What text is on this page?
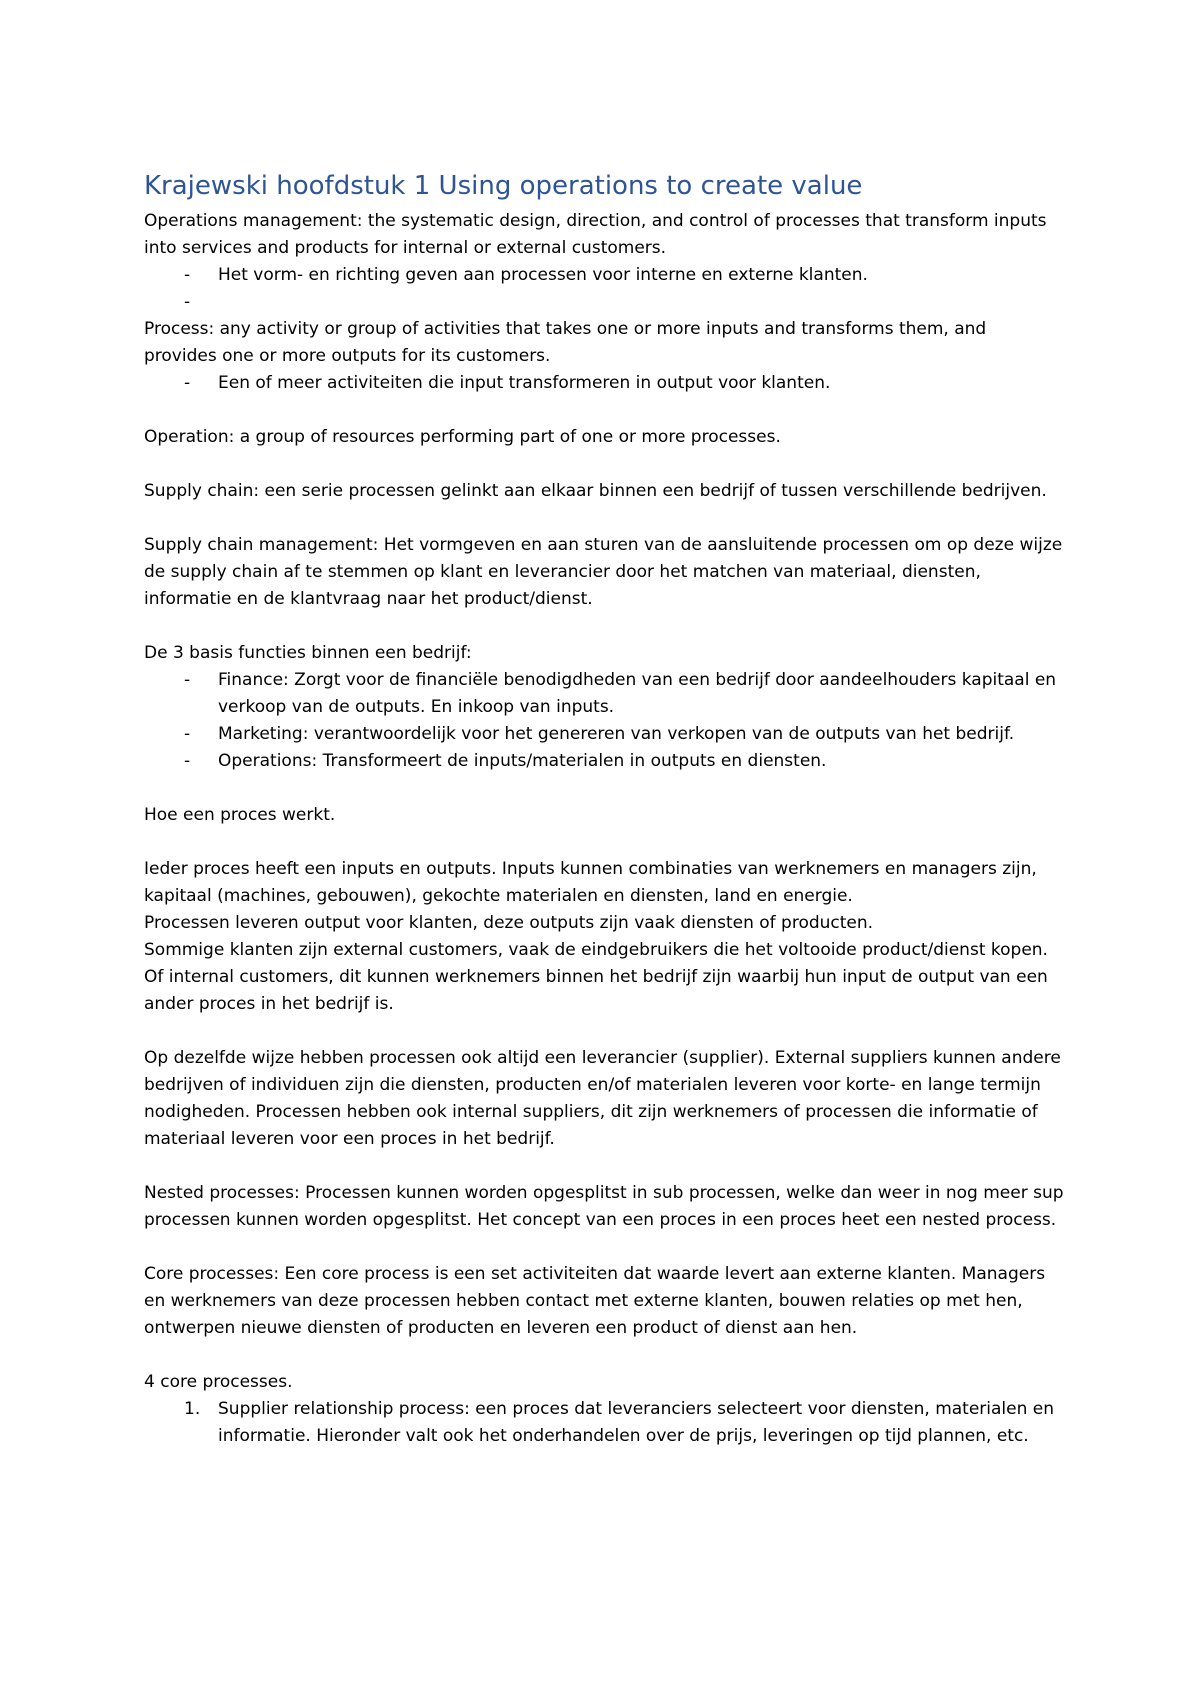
Krajewski hoofdstuk 1 Using operations to create value

Operations management: the systematic design, direction, and control of processes that transform inputs into services and products for internal or external customers.

- Het vorm- en richting geven aan processen voor interne en externe klanten.
-

Process: any activity or group of activities that takes one or more inputs and transforms them, and provides one or more outputs for its customers.

- Een of meer activiteiten die input transformeren in output voor klanten.

Operation: a group of resources performing part of one or more processes.

Supply chain: een serie processen gelinkt aan elkaar binnen een bedrijf of tussen verschillende bedrijven.

Supply chain management: Het vormgeven en aan sturen van de aansluitende processen om op deze wijze de supply chain af te stemmen op klant en leverancier door het matchen van materiaal, diensten, informatie en de klantvraag naar het product/dienst.

De 3 basis functies binnen een bedrijf:

- Finance: Zorgt voor de financiële benodigdheden van een bedrijf door aandeelhouders kapitaal en verkoop van de outputs. En inkoop van inputs.
- Marketing: verantwoordelijk voor het genereren van verkopen van de outputs van het bedrijf.
- Operations: Transformeert de inputs/materialen in outputs en diensten.

Hoe een proces werkt.

Ieder proces heeft een inputs en outputs. Inputs kunnen combinaties van werknemers en managers zijn, kapitaal (machines, gebouwen), gekochte materialen en diensten, land en energie.

Processen leveren output voor klanten, deze outputs zijn vaak diensten of producten.

Sommige klanten zijn external customers, vaak de eindgebruikers die het voltooide product/dienst kopen. Of internal customers, dit kunnen werknemers binnen het bedrijf zijn waarbij hun input de output van een ander proces in het bedrijf is.

Op dezelfde wijze hebben processen ook altijd een leverancier (supplier). External suppliers kunnen andere bedrijven of individuen zijn die diensten, producten en/of materialen leveren voor korte- en lange termijn nodigheden. Processen hebben ook internal suppliers, dit zijn werknemers of processen die informatie of materiaal leveren voor een proces in het bedrijf.

Nested processes: Processen kunnen worden opgesplitst in sub processen, welke dan weer in nog meer sup processen kunnen worden opgesplitst. Het concept van een proces in een proces heet een nested process.

Core processes: Een core process is een set activiteiten dat waarde levert aan externe klanten. Managers en werknemers van deze processen hebben contact met externe klanten, bouwen relaties op met hen, ontwerpen nieuwe diensten of producten en leveren een product of dienst aan hen.

4 core processes.

1. Supplier relationship process: een proces dat leveranciers selecteert voor diensten, materialen en informatie. Hieronder valt ook het onderhandelen over de prijs, leveringen op tijd plannen, etc.
